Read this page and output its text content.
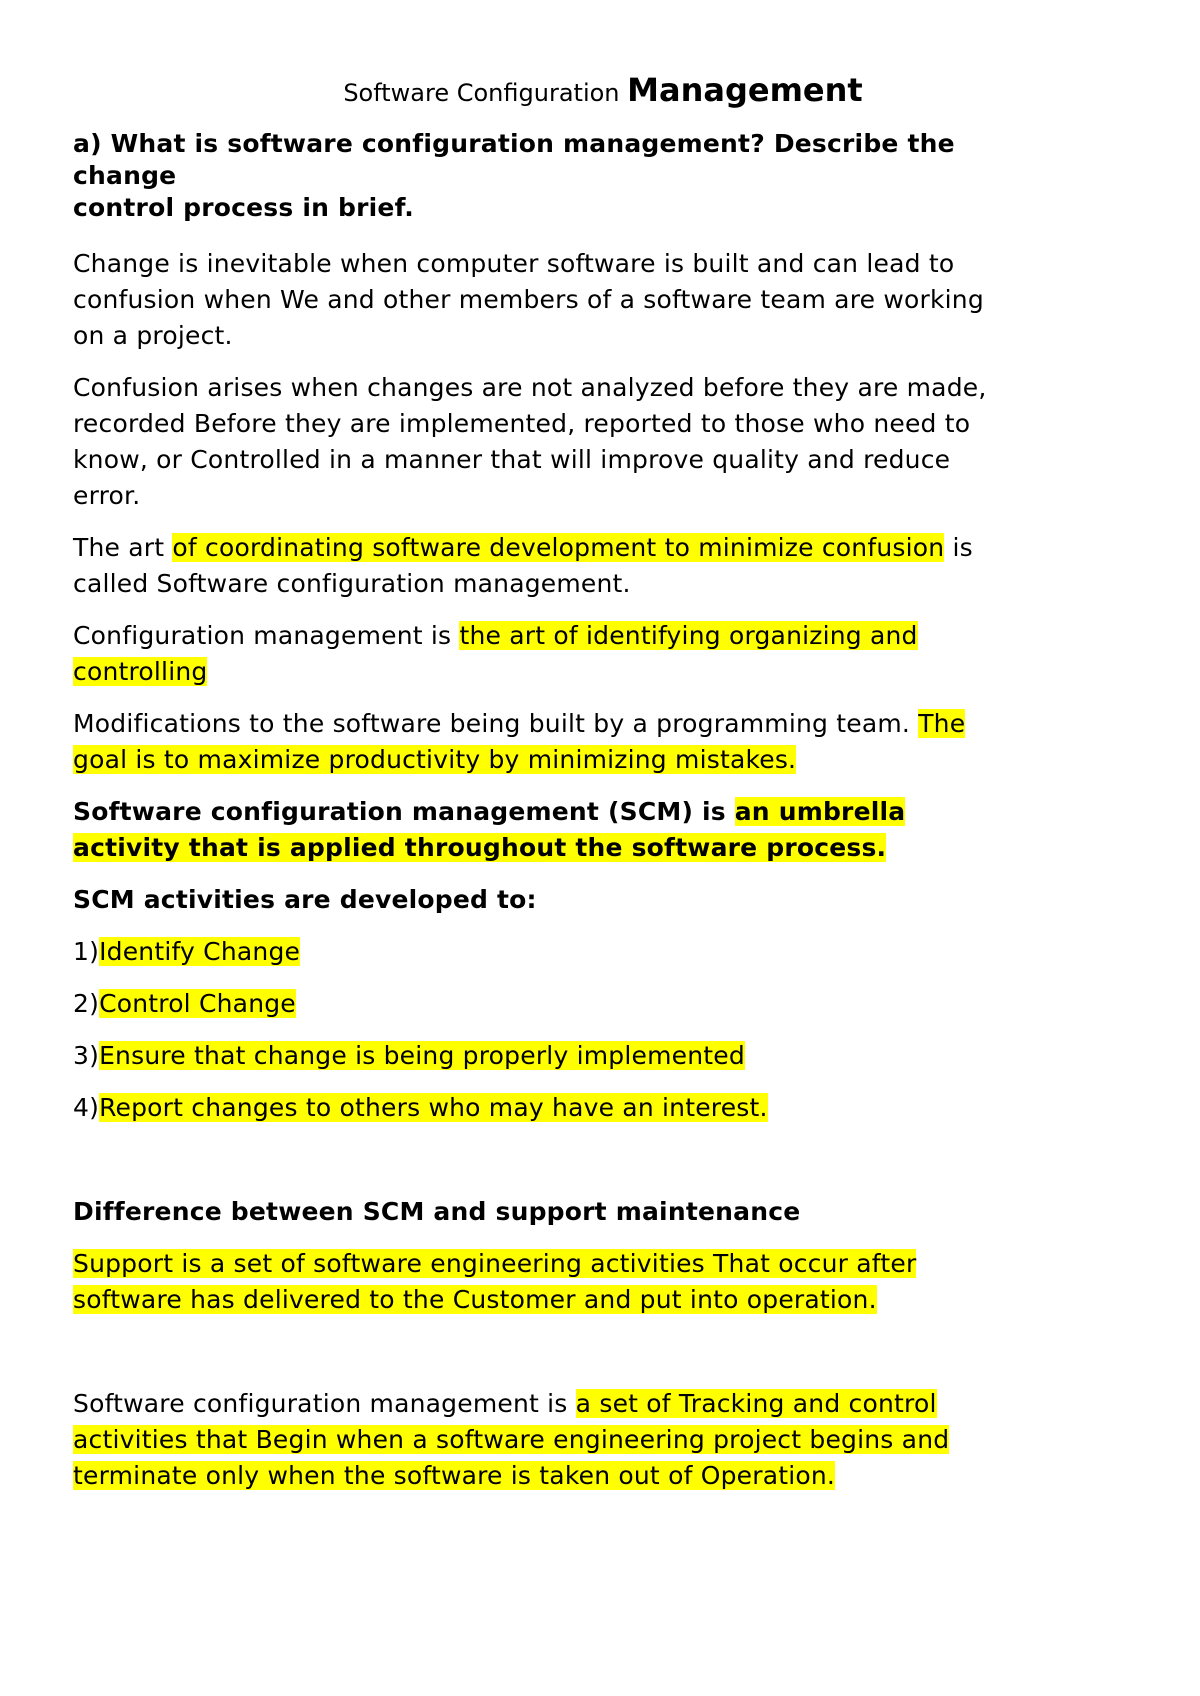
Software Configuration Management
a) What is software configuration management? Describe the
change
control process in brief.
Change is inevitable when computer software is built and can lead to
confusion when We and other members of a software team are working
on a project.
Confusion arises when changes are not analyzed before they are made,
recorded Before they are implemented, reported to those who need to
know, or Controlled in a manner that will improve quality and reduce
error.
The art of coordinating software development to minimize confusion is
called Software configuration management.
Configuration management is the art of identifying organizing and
controlling
Modifications to the software being built by a programming team. The
goal is to maximize productivity by minimizing mistakes.
Software configuration management (SCM) is an umbrella
activity that is applied throughout the software process.
SCM activities are developed to:
1)Identify Change
2)Control Change
3)Ensure that change is being properly implemented
4)Report changes to others who may have an interest.
Difference between SCM and support maintenance
Support is a set of software engineering activities That occur after
software has delivered to the Customer and put into operation.
Software configuration management is a set of Tracking and control
activities that Begin when a software engineering project begins and
terminate only when the software is taken out of Operation.
